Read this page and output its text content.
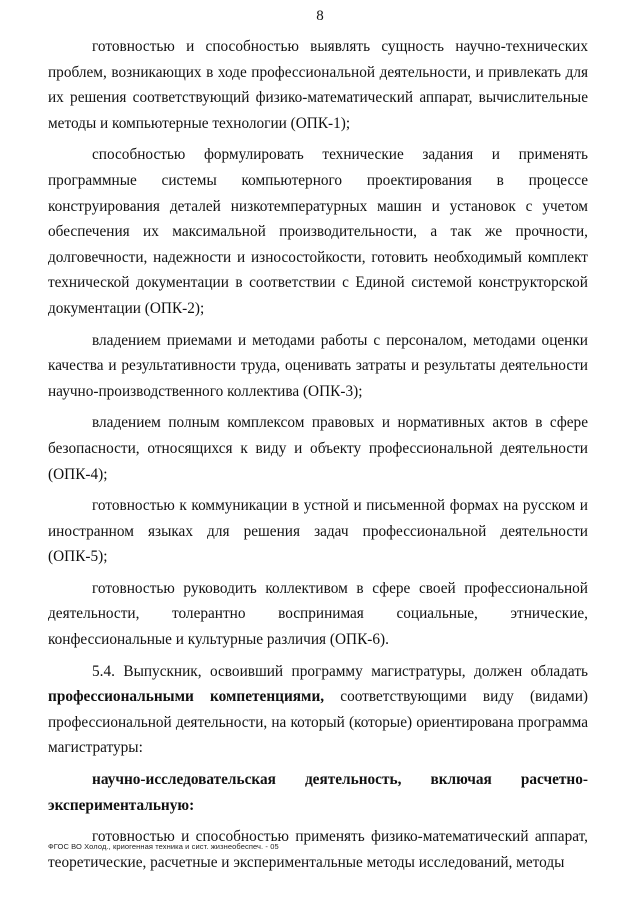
8

готовностью и способностью выявлять сущность научно-технических проблем, возникающих в ходе профессиональной деятельности, и привлекать для их решения соответствующий физико-математический аппарат, вычислительные методы и компьютерные технологии (ОПК-1);

способностью формулировать технические задания и применять программные системы компьютерного проектирования в процессе конструирования деталей низкотемпературных машин и установок с учетом обеспечения их максимальной производительности, а так же прочности, долговечности, надежности и износостойкости, готовить необходимый комплект технической документации в соответствии с Единой системой конструкторской документации (ОПК-2);

владением приемами и методами работы с персоналом, методами оценки качества и результативности труда, оценивать затраты и результаты деятельности научно-производственного коллектива (ОПК-3);

владением полным комплексом правовых и нормативных актов в сфере безопасности, относящихся к виду и объекту профессиональной деятельности (ОПК-4);

готовностью к коммуникации в устной и письменной формах на русском и иностранном языках для решения задач профессиональной деятельности (ОПК-5);

готовностью руководить коллективом в сфере своей профессиональной деятельности, толерантно воспринимая социальные, этнические, конфессиональные и культурные различия (ОПК-6).

5.4. Выпускник, освоивший программу магистратуры, должен обладать профессиональными компетенциями, соответствующими виду (видами) профессиональной деятельности, на который (которые) ориентирована программа магистратуры:

научно-исследовательская деятельность, включая расчетно-экспериментальную:

готовностью и способностью применять физико-математический аппарат, теоретические, расчетные и экспериментальные методы исследований, методы

ФГОС ВО Холод., криогенная техника и сист. жизнеобеспеч. - 05
